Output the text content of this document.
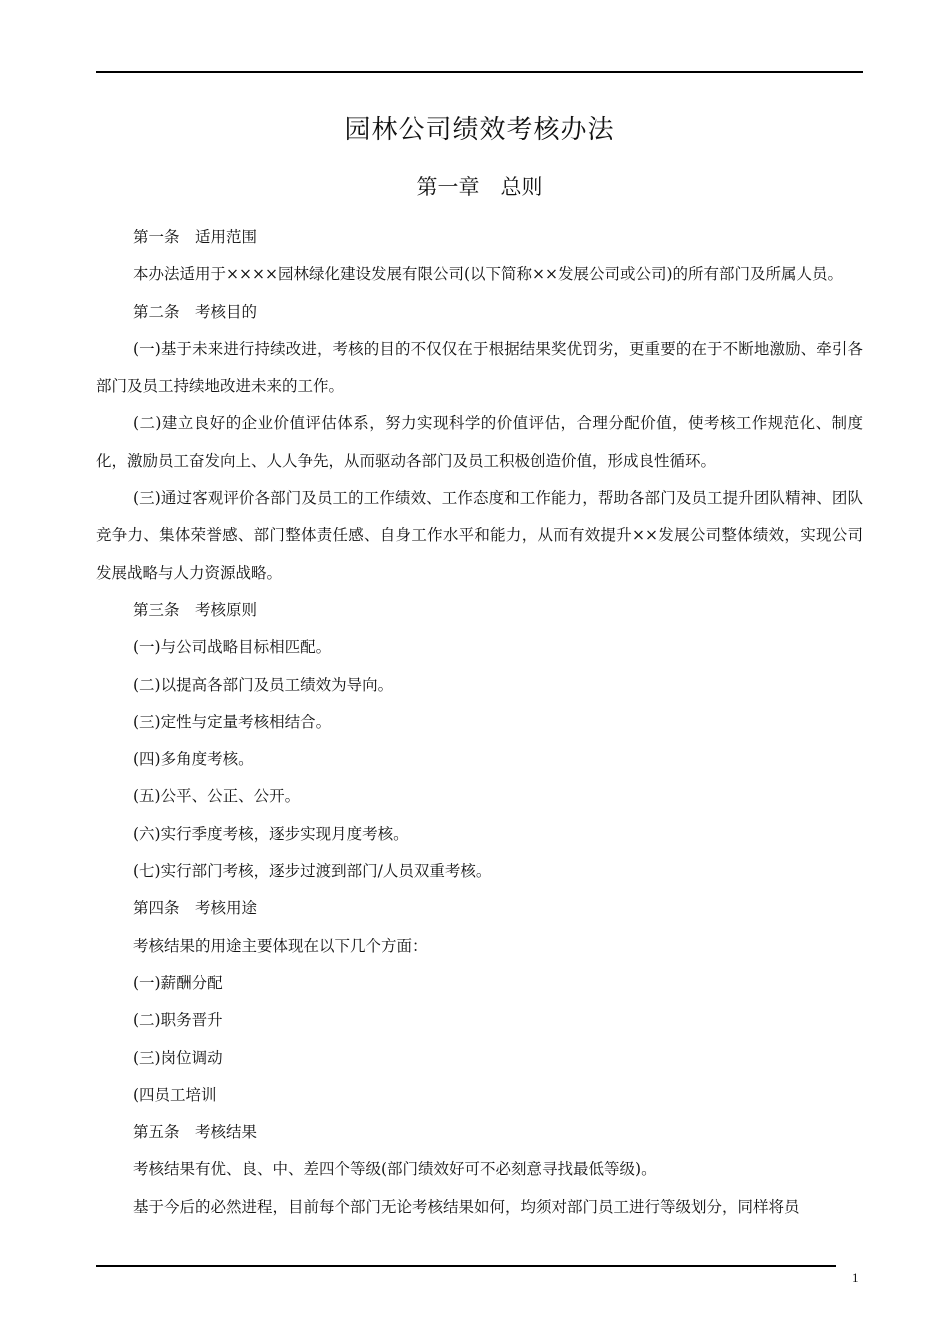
园林公司绩效考核办法
第一章　总则

第一条　适用范围

本办法适用于××××园林绿化建设发展有限公司(以下简称××发展公司或公司)的所有部门及所属人员。

第二条　考核目的

(一)基于未来进行持续改进，考核的目的不仅仅在于根据结果奖优罚劣，更重要的在于不断地激励、牵引各部门及员工持续地改进未来的工作。

(二)建立良好的企业价值评估体系，努力实现科学的价值评估，合理分配价值，使考核工作规范化、制度化，激励员工奋发向上、人人争先，从而驱动各部门及员工积极创造价值，形成良性循环。

(三)通过客观评价各部门及员工的工作绩效、工作态度和工作能力，帮助各部门及员工提升团队精神、团队竞争力、集体荣誉感、部门整体责任感、自身工作水平和能力，从而有效提升××发展公司整体绩效，实现公司发展战略与人力资源战略。

第三条　考核原则

(一)与公司战略目标相匹配。

(二)以提高各部门及员工绩效为导向。

(三)定性与定量考核相结合。

(四)多角度考核。

(五)公平、公正、公开。

(六)实行季度考核，逐步实现月度考核。

(七)实行部门考核，逐步过渡到部门/人员双重考核。

第四条　考核用途

考核结果的用途主要体现在以下几个方面：

(一)薪酬分配

(二)职务晋升

(三)岗位调动

(四员工培训

第五条　考核结果

考核结果有优、良、中、差四个等级(部门绩效好可不必刻意寻找最低等级)。

基于今后的必然进程，目前每个部门无论考核结果如何，均须对部门员工进行等级划分，同样将员

1
